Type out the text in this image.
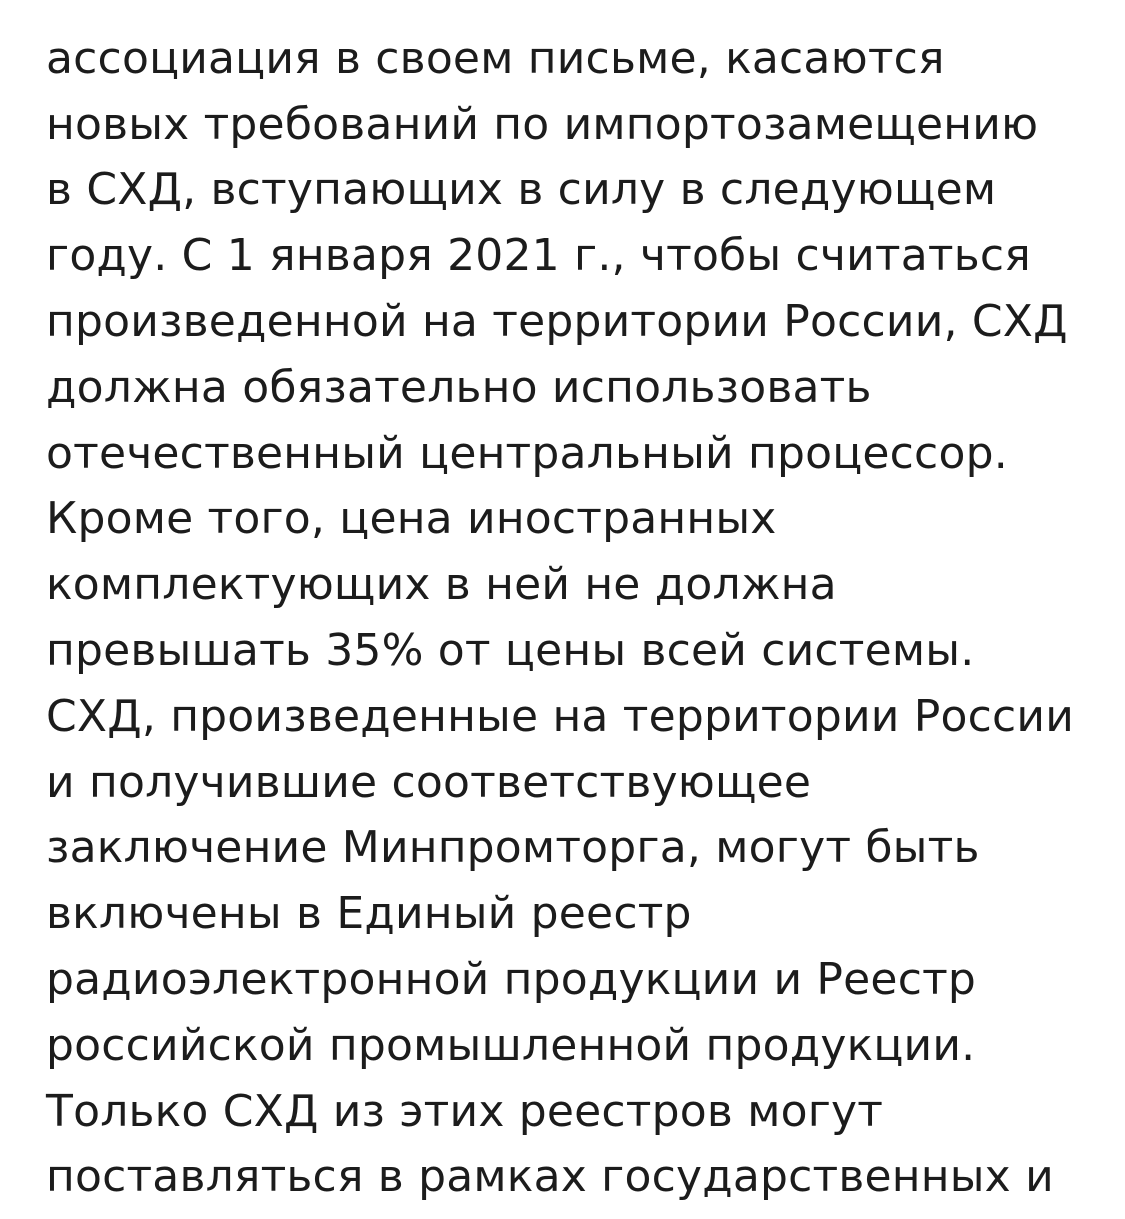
ассоциация в своем письме, касаются
новых требований по импортозамещению
в СХД, вступающих в силу в следующем
году. С 1 января 2021 г., чтобы считаться
произведенной на территории России, СХД
должна обязательно использовать
отечественный центральный процессор.
Кроме того, цена иностранных
комплектующих в ней не должна
превышать 35% от цены всей системы.
СХД, произведенные на территории России
и получившие соответствующее
заключение Минпромторга, могут быть
включены в Единый реестр
радиоэлектронной продукции и Реестр
российской промышленной продукции.
Только СХД из этих реестров могут
поставляться в рамках государственных и
